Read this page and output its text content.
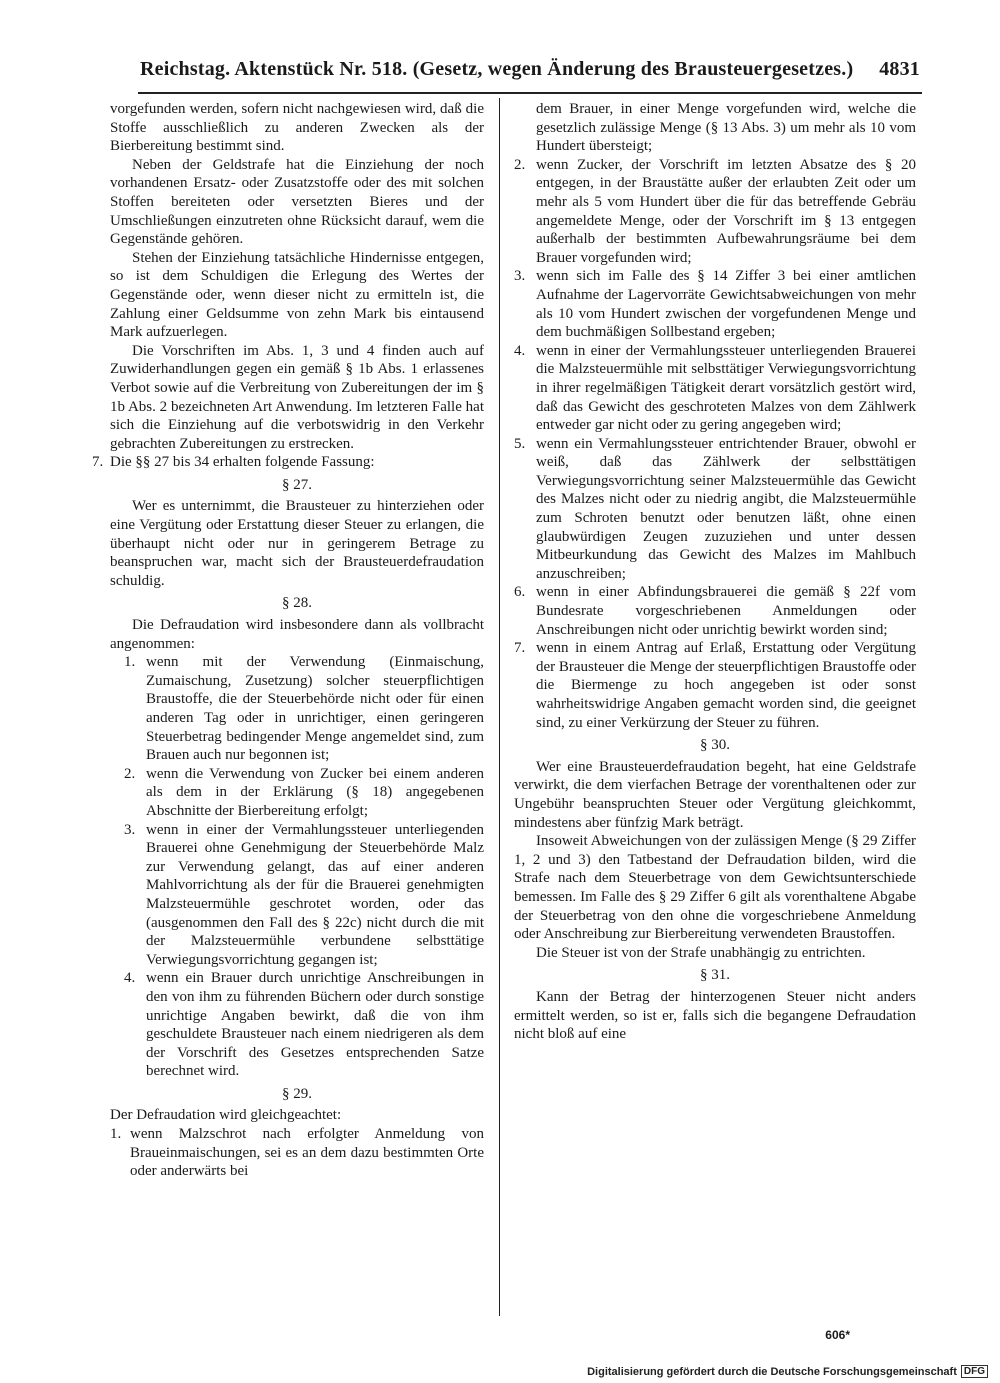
Reichstag. Aktenstück Nr. 518. (Gesetz, wegen Änderung des Brausteuergesetzes.) 4831

vorgefunden werden, sofern nicht nachgewiesen wird, daß die Stoffe ausschließlich zu anderen Zwecken als der Bierbereitung bestimmt sind.

Neben der Geldstrafe hat die Einziehung der noch vorhandenen Ersatz- oder Zusatzstoffe oder des mit solchen Stoffen bereiteten oder versetzten Bieres und der Umschließungen einzutreten ohne Rücksicht darauf, wem die Gegenstände gehören.

Stehen der Einziehung tatsächliche Hindernisse entgegen, so ist dem Schuldigen die Erlegung des Wertes der Gegenstände oder, wenn dieser nicht zu ermitteln ist, die Zahlung einer Geldsumme von zehn Mark bis eintausend Mark aufzuerlegen.

Die Vorschriften im Abs. 1, 3 und 4 finden auch auf Zuwiderhandlungen gegen ein gemäß § 1b Abs. 1 erlassenes Verbot sowie auf die Verbreitung von Zubereitungen der im § 1b Abs. 2 bezeichneten Art Anwendung. Im letzteren Falle hat sich die Einziehung auf die verbotswidrig in den Verkehr gebrachten Zubereitungen zu erstrecken.

7. Die §§ 27 bis 34 erhalten folgende Fassung:

§ 27.

Wer es unternimmt, die Brausteuer zu hinterziehen oder eine Vergütung oder Erstattung dieser Steuer zu erlangen, die überhaupt nicht oder nur in geringerem Betrage zu beanspruchen war, macht sich der Brausteuerdefraudation schuldig.

§ 28.

Die Defraudation wird insbesondere dann als vollbracht angenommen:

1. wenn mit der Verwendung (Einmaischung, Zumaischung, Zusetzung) solcher steuerpflichtigen Braustoffe, die der Steuerbehörde nicht oder für einen anderen Tag oder in unrichtiger, einen geringeren Steuerbetrag bedingender Menge angemeldet sind, zum Brauen auch nur begonnen ist;
2. wenn die Verwendung von Zucker bei einem anderen als dem in der Erklärung (§ 18) angegebenen Abschnitte der Bierbereitung erfolgt;
3. wenn in einer der Vermahlungssteuer unterliegenden Brauerei ohne Genehmigung der Steuerbehörde Malz zur Verwendung gelangt, das auf einer anderen Mahlvorrichtung als der für die Brauerei genehmigten Malzsteuermühle geschrotet worden, oder das (ausgenommen den Fall des § 22c) nicht durch die mit der Malzsteuermühle verbundene selbsttätige Verwiegungsvorrichtung gegangen ist;
4. wenn ein Brauer durch unrichtige Anschreibungen in den von ihm zu führenden Büchern oder durch sonstige unrichtige Angaben bewirkt, daß die von ihm geschuldete Brausteuer nach einem niedrigeren als dem der Vorschrift des Gesetzes entsprechenden Satze berechnet wird.

§ 29.

Der Defraudation wird gleichgeachtet:

1. wenn Malzschrot nach erfolgter Anmeldung von Braueinmaischungen, sei es an dem dazu bestimmten Orte oder anderwärts bei

dem Brauer, in einer Menge vorgefunden wird, welche die gesetzlich zulässige Menge (§ 13 Abs. 3) um mehr als 10 vom Hundert übersteigt;

2. wenn Zucker, der Vorschrift im letzten Absatze des § 20 entgegen, in der Braustätte außer der erlaubten Zeit oder um mehr als 5 vom Hundert über die für das betreffende Gebräu angemeldete Menge, oder der Vorschrift im § 13 entgegen außerhalb der bestimmten Aufbewahrungsräume bei dem Brauer vorgefunden wird;
3. wenn sich im Falle des § 14 Ziffer 3 bei einer amtlichen Aufnahme der Lagervorräte Gewichtsabweichungen von mehr als 10 vom Hundert zwischen der vorgefundenen Menge und dem buchmäßigen Sollbestand ergeben;
4. wenn in einer der Vermahlungssteuer unterliegenden Brauerei die Malzsteuermühle mit selbsttätiger Verwiegungsvorrichtung in ihrer regelmäßigen Tätigkeit derart vorsätzlich gestört wird, daß das Gewicht des geschroteten Malzes von dem Zählwerk entweder gar nicht oder zu gering angegeben wird;
5. wenn ein Vermahlungssteuer entrichtender Brauer, obwohl er weiß, daß das Zählwerk der selbsttätigen Verwiegungsvorrichtung seiner Malzsteuermühle das Gewicht des Malzes nicht oder zu niedrig angibt, die Malzsteuermühle zum Schroten benutzt oder benutzen läßt, ohne einen glaubwürdigen Zeugen zuzuziehen und unter dessen Mitbeurkundung das Gewicht des Malzes im Mahlbuch anzuschreiben;
6. wenn in einer Abfindungsbrauerei die gemäß § 22f vom Bundesrate vorgeschriebenen Anmeldungen oder Anschreibungen nicht oder unrichtig bewirkt worden sind;
7. wenn in einem Antrag auf Erlaß, Erstattung oder Vergütung der Brausteuer die Menge der steuerpflichtigen Braustoffe oder die Biermenge zu hoch angegeben ist oder sonst wahrheitswidrige Angaben gemacht worden sind, die geeignet sind, zu einer Verkürzung der Steuer zu führen.

§ 30.

Wer eine Brausteuerdefraudation begeht, hat eine Geldstrafe verwirkt, die dem vierfachen Betrage der vorenthaltenen oder zur Ungebühr beanspruchten Steuer oder Vergütung gleichkommt, mindestens aber fünfzig Mark beträgt.

Insoweit Abweichungen von der zulässigen Menge (§ 29 Ziffer 1, 2 und 3) den Tatbestand der Defraudation bilden, wird die Strafe nach dem Steuerbetrage von dem Gewichtsunterschiede bemessen. Im Falle des § 29 Ziffer 6 gilt als vorenthaltene Abgabe der Steuerbetrag von den ohne die vorgeschriebene Anmeldung oder Anschreibung zur Bierbereitung verwendeten Braustoffen.

Die Steuer ist von der Strafe unabhängig zu entrichten.

§ 31.

Kann der Betrag der hinterzogenen Steuer nicht anders ermittelt werden, so ist er, falls sich die begangene Defraudation nicht bloß auf eine

606*
Digitalisierung gefördert durch die Deutsche Forschungsgemeinschaft DFG
